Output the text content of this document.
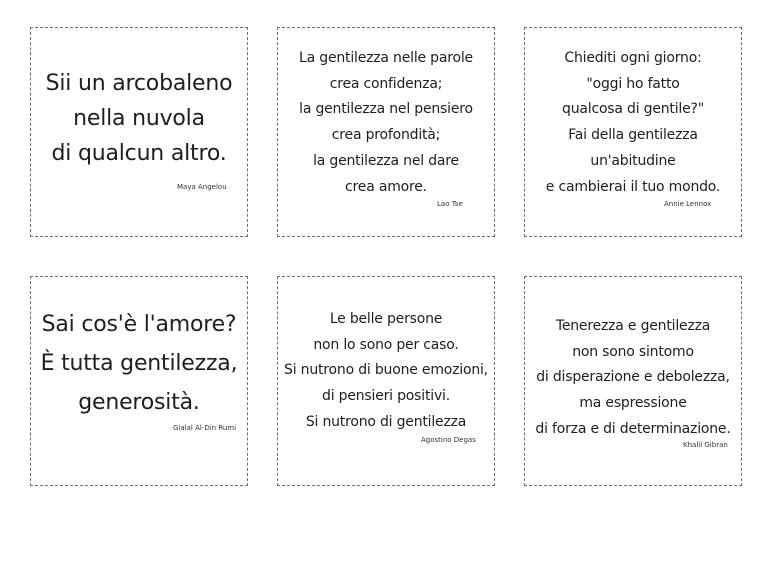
Sii un arcobaleno
nella nuvola
di qualcun altro.
Maya Angelou
La gentilezza nelle parole
crea confidenza;
la gentilezza nel pensiero
crea profondità;
la gentilezza nel dare
crea amore.
Lao Tse
Chiediti ogni giorno:
"oggi ho fatto
qualcosa di gentile?"
Fai della gentilezza
un'abitudine
e cambierai il tuo mondo.
Annie Lennox
Sai cos'è l'amore?
È tutta gentilezza,
generosità.
Gialal Al-Din Rumi
Le belle persone
non lo sono per caso.
Si nutrono di buone emozioni,
di pensieri positivi.
Si nutrono di gentilezza
Agostino Degas
Tenerezza e gentilezza
non sono sintomo
di disperazione e debolezza,
ma espressione
di forza e di determinazione.
Khalil Gibran
